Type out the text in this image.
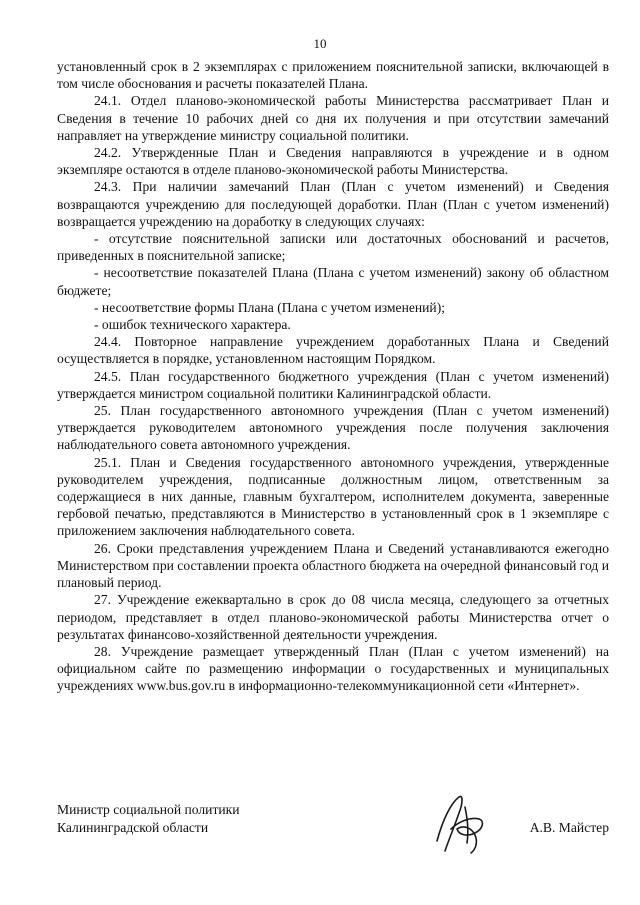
10

установленный срок в 2 экземплярах с приложением пояснительной записки, включающей в том числе обоснования и расчеты показателей Плана.

24.1. Отдел планово-экономической работы Министерства рассматривает План и Сведения в течение 10 рабочих дней со дня их получения и при отсутствии замечаний направляет на утверждение министру социальной политики.

24.2. Утвержденные План и Сведения направляются в учреждение и в одном экземпляре остаются в отделе планово-экономической работы Министерства.

24.3. При наличии замечаний План (План с учетом изменений) и Сведения возвращаются учреждению для последующей доработки. План (План с учетом изменений) возвращается учреждению на доработку в следующих случаях:

- отсутствие пояснительной записки или достаточных обоснований и расчетов, приведенных в пояснительной записке;

- несоответствие показателей Плана (Плана с учетом изменений) закону об областном бюджете;

- несоответствие формы Плана (Плана с учетом изменений);

- ошибок технического характера.

24.4. Повторное направление учреждением доработанных Плана и Сведений осуществляется в порядке, установленном настоящим Порядком.

24.5. План государственного бюджетного учреждения (План с учетом изменений) утверждается министром социальной политики Калининградской области.

25. План государственного автономного учреждения (План с учетом изменений) утверждается руководителем автономного учреждения после получения заключения наблюдательного совета автономного учреждения.

25.1. План и Сведения государственного автономного учреждения, утвержденные руководителем учреждения, подписанные должностным лицом, ответственным за содержащиеся в них данные, главным бухгалтером, исполнителем документа, заверенные гербовой печатью, представляются в Министерство в установленный срок в 1 экземпляре с приложением заключения наблюдательного совета.

26. Сроки представления учреждением Плана и Сведений устанавливаются ежегодно Министерством при составлении проекта областного бюджета на очередной финансовый год и плановый период.

27. Учреждение ежеквартально в срок до 08 числа месяца, следующего за отчетных периодом, представляет в отдел планово-экономической работы Министерства отчет о результатах финансово-хозяйственной деятельности учреждения.

28. Учреждение размещает утвержденный План (План с учетом изменений) на официальном сайте по размещению информации о государственных и муниципальных учреждениях www.bus.gov.ru в информационно-телекоммуникационной сети «Интернет».

Министр социальной политики
Калининградской области	А.В. Майстер
